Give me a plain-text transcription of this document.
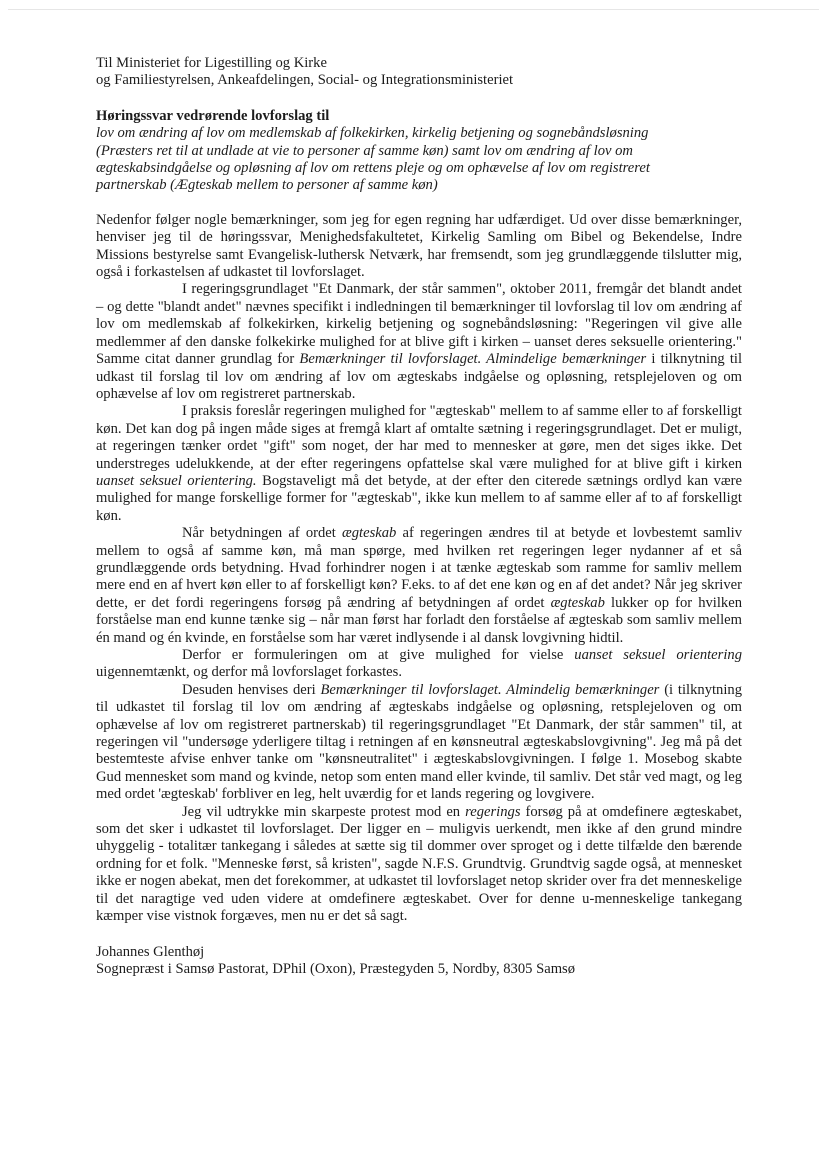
Til Ministeriet for Ligestilling og Kirke
og Familiestyrelsen, Ankeafdelingen, Social- og Integrationsministeriet
Høringssvar vedrørende lovforslag til
lov om ændring af lov om medlemskab af folkekirken, kirkelig betjening og sognebåndsløsning
(Præsters ret til at undlade at vie to personer af samme køn) samt lov om ændring af lov om
ægteskabsindgåelse og opløsning af lov om rettens pleje og om ophævelse af lov om registreret
partnerskab (Ægteskab mellem to personer af samme køn)
Nedenfor følger nogle bemærkninger, som jeg for egen regning har udfærdiget. Ud over disse bemærkninger, henviser jeg til de høringssvar, Menighedsfakultetet, Kirkelig Samling om Bibel og Bekendelse, Indre Missions bestyrelse samt Evangelisk-luthersk Netværk, har fremsendt, som jeg grundlæggende tilslutter mig, også i forkastelsen af udkastet til lovforslaget.
I regeringsgrundlaget "Et Danmark, der står sammen", oktober 2011, fremgår det blandt andet – og dette "blandt andet" nævnes specifikt i indledningen til bemærkninger til lovforslag til lov om ændring af lov om medlemskab af folkekirken, kirkelig betjening og sognebåndsløsning: "Regeringen vil give alle medlemmer af den danske folkekirke mulighed for at blive gift i kirken – uanset deres seksuelle orientering." Samme citat danner grundlag for Bemærkninger til lovforslaget. Almindelige bemærkninger i tilknytning til udkast til forslag til lov om ændring af lov om ægteskabs indgåelse og opløsning, retsplejeloven og om ophævelse af lov om registreret partnerskab.
I praksis foreslår regeringen mulighed for "ægteskab" mellem to af samme eller to af forskelligt køn. Det kan dog på ingen måde siges at fremgå klart af omtalte sætning i regeringsgrundlaget. Det er muligt, at regeringen tænker ordet "gift" som noget, der har med to mennesker at gøre, men det siges ikke. Det understreges udelukkende, at der efter regeringens opfattelse skal være mulighed for at blive gift i kirken uanset seksuel orientering. Bogstaveligt må det betyde, at der efter den citerede sætnings ordlyd kan være mulighed for mange forskellige former for "ægteskab", ikke kun mellem to af samme eller af to af forskelligt køn.
Når betydningen af ordet ægteskab af regeringen ændres til at betyde et lovbestemt samliv mellem to også af samme køn, må man spørge, med hvilken ret regeringen leger nydanner af et så grundlæggende ords betydning. Hvad forhindrer nogen i at tænke ægteskab som ramme for samliv mellem mere end en af hvert køn eller to af forskelligt køn? F.eks. to af det ene køn og en af det andet? Når jeg skriver dette, er det fordi regeringens forsøg på ændring af betydningen af ordet ægteskab lukker op for hvilken forståelse man end kunne tænke sig – når man først har forladt den forståelse af ægteskab som samliv mellem én mand og én kvinde, en forståelse som har været indlysende i al dansk lovgivning hidtil.
Derfor er formuleringen om at give mulighed for vielse uanset seksuel orientering uigennemtænkt, og derfor må lovforslaget forkastes.
Desuden henvises deri Bemærkninger til lovforslaget. Almindelig bemærkninger (i tilknytning til udkastet til forslag til lov om ændring af ægteskabs indgåelse og opløsning, retsplejeloven og om ophævelse af lov om registreret partnerskab) til regeringsgrundlaget "Et Danmark, der står sammen" til, at regeringen vil "undersøge yderligere tiltag i retningen af en kønsneutral ægteskabslovgivning". Jeg må på det bestemteste afvise enhver tanke om "kønsneutralitet" i ægteskabslovgivningen. I følge 1. Mosebog skabte Gud mennesket som mand og kvinde, netop som enten mand eller kvinde, til samliv. Det står ved magt, og leg med ordet 'ægteskab' forbliver en leg, helt uværdig for et lands regering og lovgivere.
Jeg vil udtrykke min skarpeste protest mod en regerings forsøg på at omdefinere ægteskabet, som det sker i udkastet til lovforslaget. Der ligger en – muligvis uerkendt, men ikke af den grund mindre uhyggelig - totalitær tankegang i således at sætte sig til dommer over sproget og i dette tilfælde den bærende ordning for et folk. "Menneske først, så kristen", sagde N.F.S. Grundtvig. Grundtvig sagde også, at mennesket ikke er nogen abekat, men det forekommer, at udkastet til lovforslaget netop skrider over fra det menneskelige til det naragtige ved uden videre at omdefinere ægteskabet. Over for denne u-menneskelige tankegang kæmper vise vistnok forgæves, men nu er det så sagt.
Johannes Glenthøj
Sognepræst i Samsø Pastorat, DPhil (Oxon), Præstegyden 5, Nordby, 8305 Samsø
